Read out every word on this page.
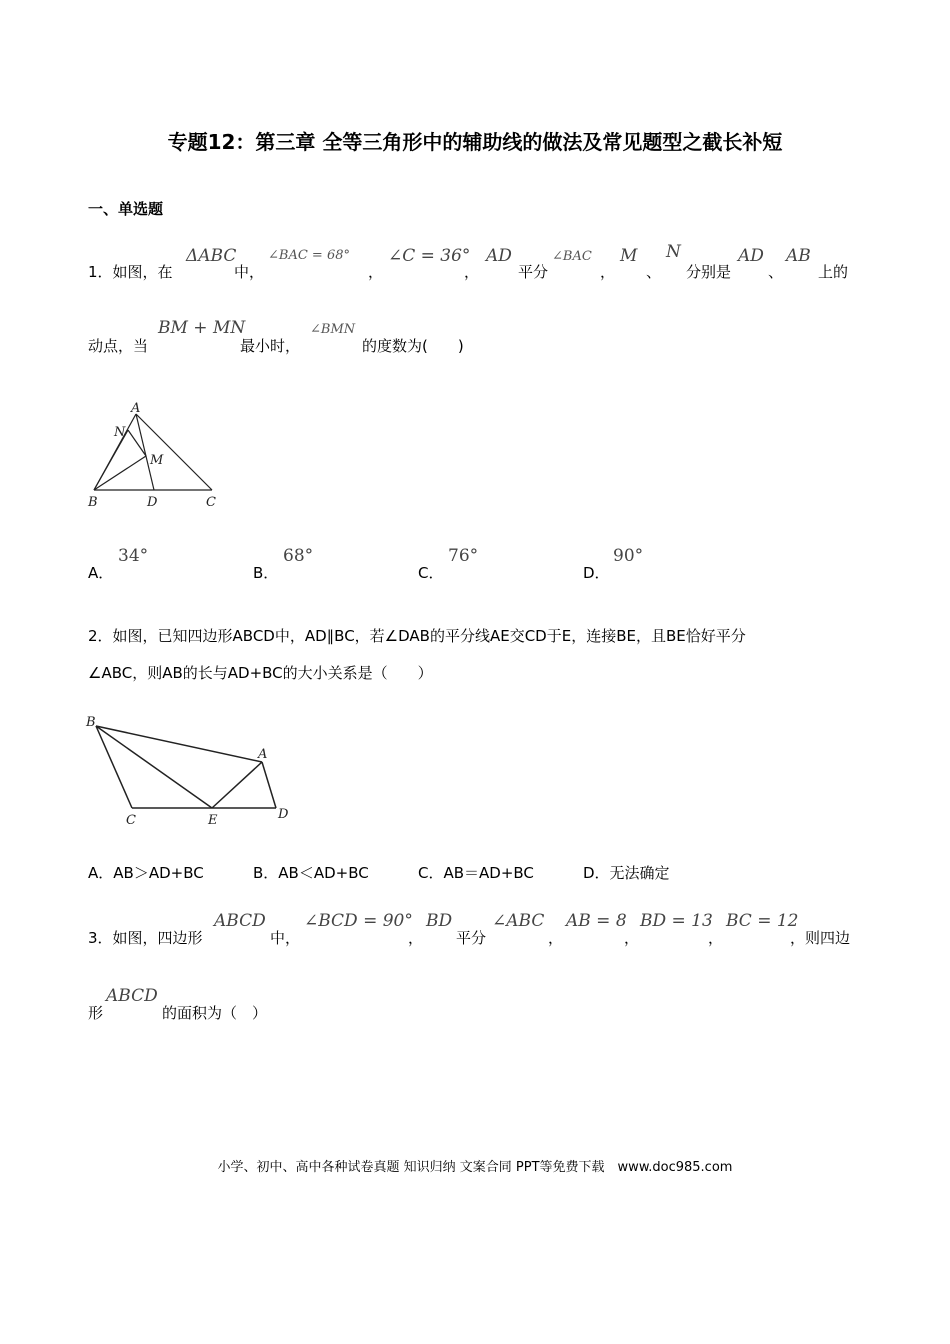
专题12：第三章 全等三角形中的辅助线的做法及常见题型之截长补短
一、单选题
1．如图，在
ΔABC
中，
∠BAC = 68°
，
∠C = 36°
，
AD
平分
∠BAC
，
M
、
N
分别是
AD
、
AB
上的
动点，当
BM + MN
最小时，
∠BMN
的度数为(　　)
A
N
M
B	D	C
A．
34°
B．
68°
C．
76°
D．
90°
2．如图，已知四边形ABCD中，AD∥BC，若∠DAB的平分线AE交CD于E，连接BE，且BE恰好平分
∠ABC，则AB的长与AD+BC的大小关系是（　　）
B
A
C	E	D
A．AB＞AD+BC	B．AB＜AD+BC	C．AB＝AD+BC	D．无法确定
3．如图，四边形
ABCD
中，
∠BCD = 90°
，
BD
平分
∠ABC
，
AB = 8
，
BD = 13
，
BC = 12
，则四边
形
ABCD
的面积为（　）
小学、初中、高中各种试卷真题 知识归纳 文案合同 PPT等免费下载　www.doc985.com
